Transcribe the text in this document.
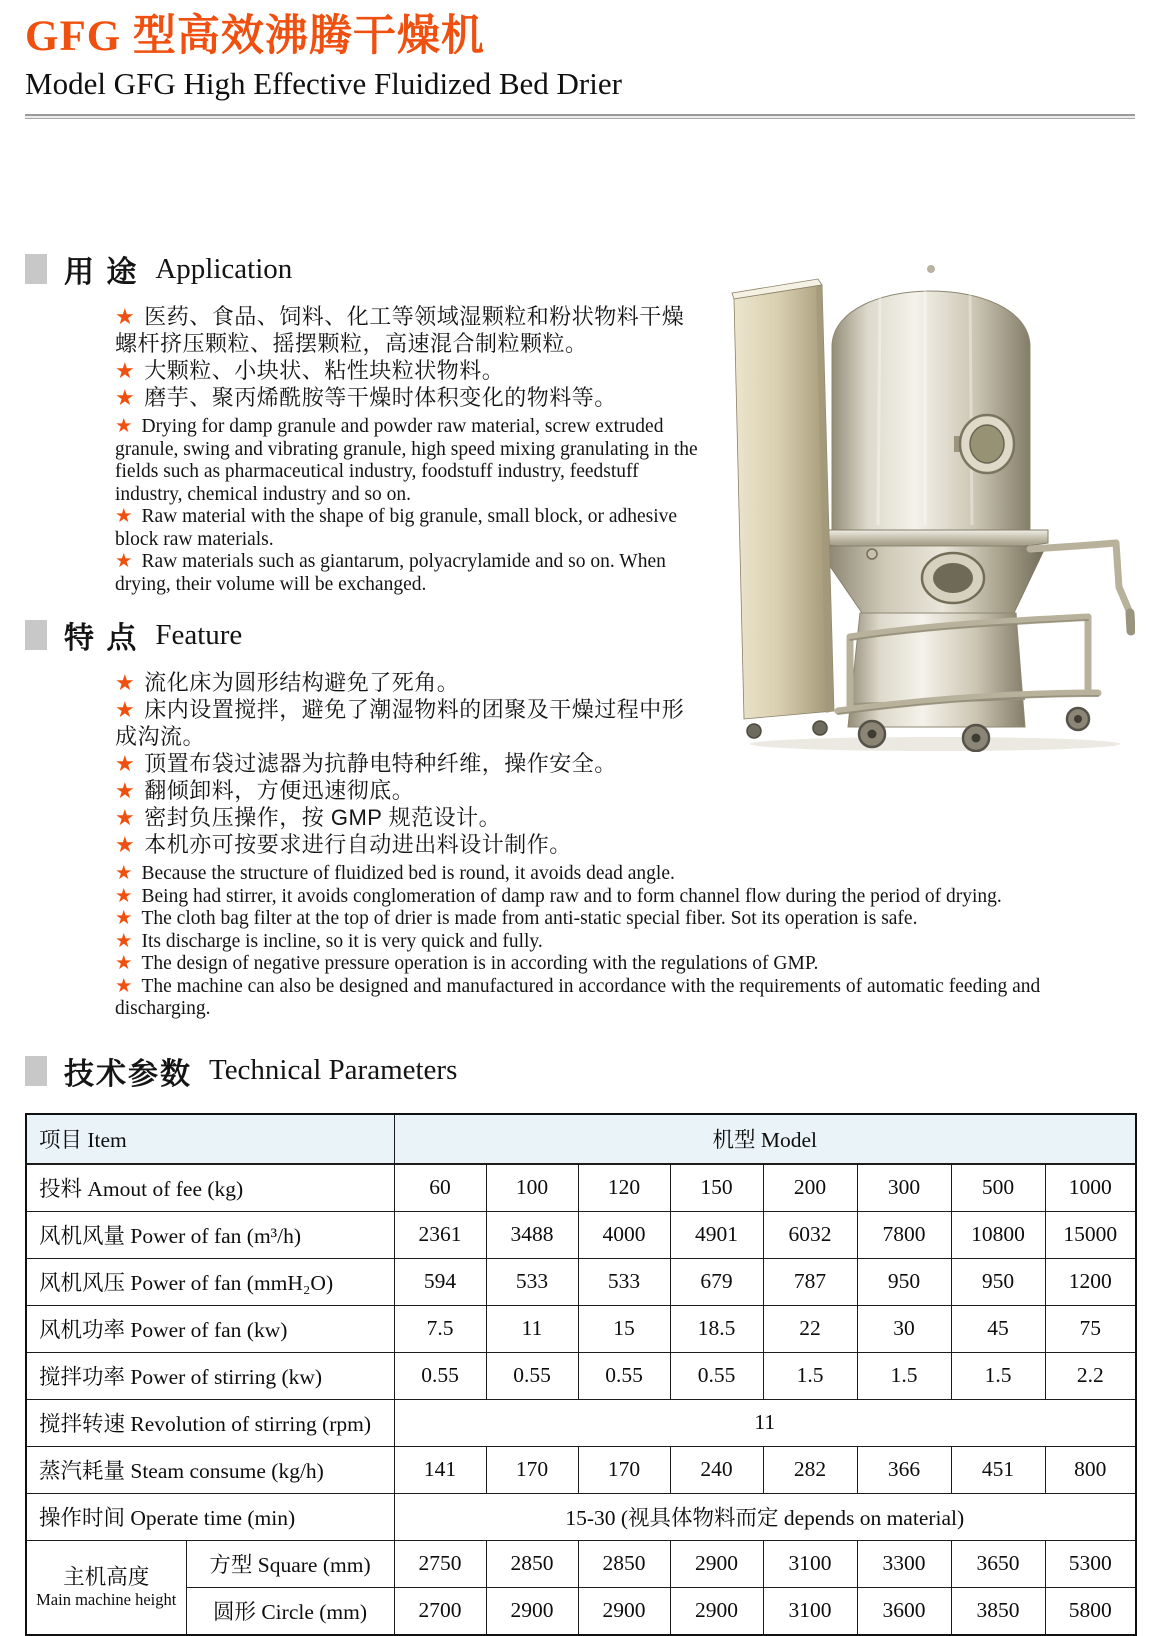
GFG 型高效沸腾干燥机
Model GFG High Effective Fluidized Bed Drier
用 途 Application
★ 医药、食品、饲料、化工等领域湿颗粒和粉状物料干燥螺杆挤压颗粒、摇摆颗粒，高速混合制粒颗粒。
★ 大颗粒、小块状、粘性块粒状物料。
★ 磨芋、聚丙烯酰胺等干燥时体积变化的物料等。
★ Drying for damp granule and powder raw material, screw extruded granule, swing and vibrating granule, high speed mixing granulating in the fields such as pharmaceutical industry, foodstuff industry, feedstuff industry, chemical industry and so on.
★ Raw material with the shape of big granule, small block, or adhesive block raw materials.
★ Raw materials such as giantarum, polyacrylamide and so on. When drying, their volume will be exchanged.
特 点 Feature
★ 流化床为圆形结构避免了死角。
★ 床内设置搅拌，避免了潮湿物料的团聚及干燥过程中形成沟流。
★ 顶置布袋过滤器为抗静电特种纤维，操作安全。
★ 翻倾卸料，方便迅速彻底。
★ 密封负压操作，按 GMP 规范设计。
★ 本机亦可按要求进行自动进出料设计制作。
★ Because the structure of fluidized bed is round, it avoids dead angle.
★ Being had stirrer, it avoids conglomeration of damp raw and to form channel flow during the period of drying.
★ The cloth bag filter at the top of drier is made from anti-static special fiber. Sot its operation is safe.
★ Its discharge is incline, so it is very quick and fully.
★ The design of negative pressure operation is in according with the regulations of GMP.
★ The machine can also be designed and manufactured in accordance with the requirements of automatic feeding and discharging.
技术参数 Technical Parameters
项目 Item		机型 Model							
投料 Amout of fee (kg)		60	100	120	150	200	300	500	1000
风机风量 Power of fan (m³/h)		2361	3488	4000	4901	6032	7800	10800	15000
风机风压 Power of fan (mmH₂O)		594	533	533	679	787	950	950	1200
风机功率 Power of fan (kw)		7.5	11	15	18.5	22	30	45	75
搅拌功率 Power of stirring (kw)		0.55	0.55	0.55	0.55	1.5	1.5	1.5	2.2
搅拌转速 Revolution of stirring (rpm)		11							
蒸汽耗量 Steam consume (kg/h)		141	170	170	240	282	366	451	800
操作时间 Operate time (min)		15-30 (视具体物料而定 depends on material)							

主机高度
Main machine height	方型 Square (mm)	2750	2850	2850	2900	3100	3300	3650	5300
	圆形 Circle (mm)	2700	2900	2900	2900	3100	3600	3850	5800
